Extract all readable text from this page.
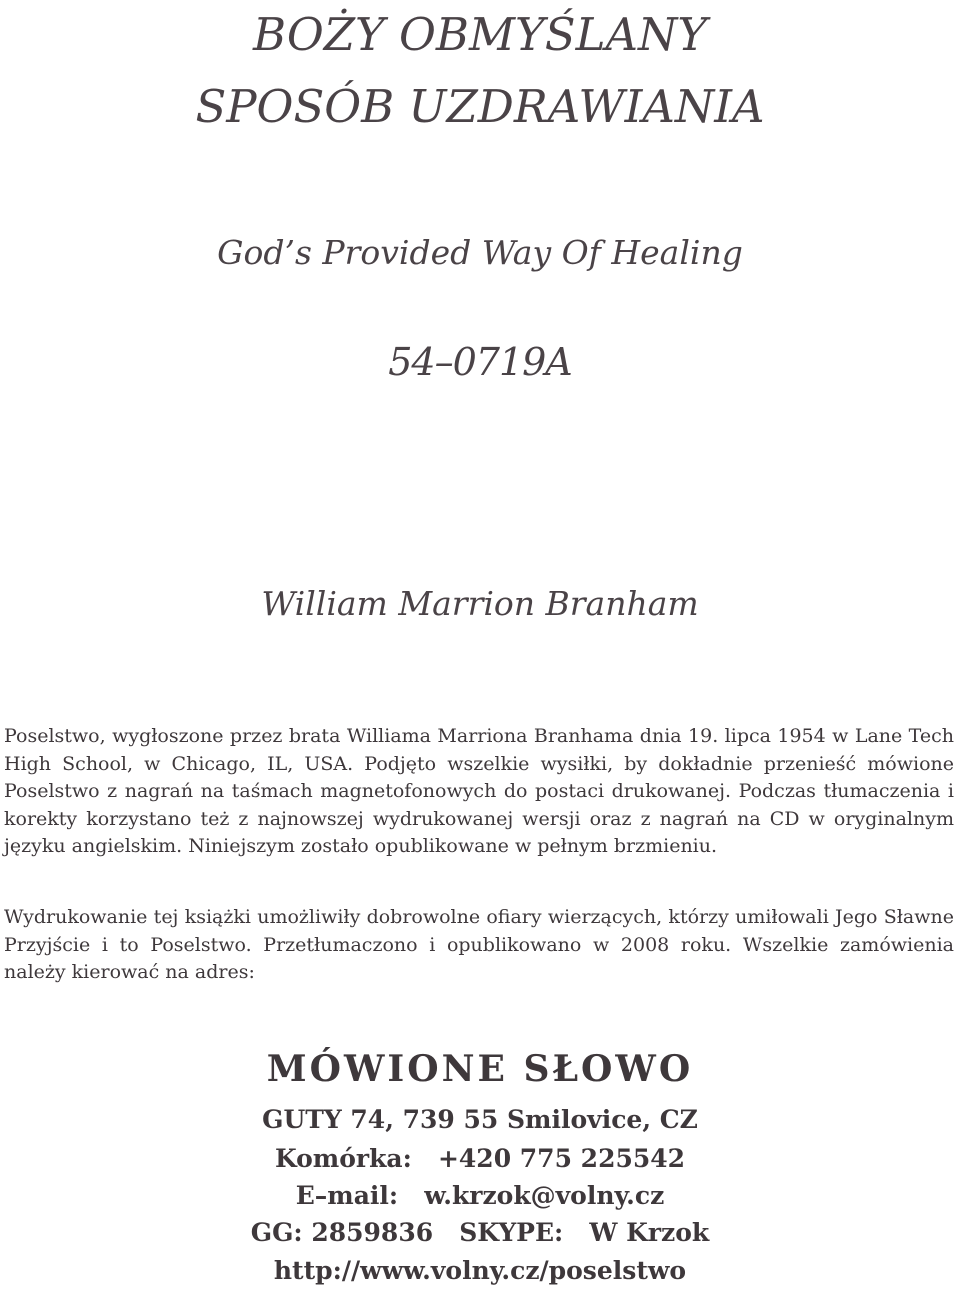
BOŻY OBMYŚLANY
SPOSÓB UZDRAWIANIA
God’s Provided Way Of Healing
54–0719A
William Marrion Branham

Poselstwo, wygłoszone przez brata Williama Marriona Branhama dnia 19. lipca 1954 w Lane Tech High School, w Chicago, IL, USA. Podjęto wszelkie wysiłki, by dokładnie przenieść mówione Poselstwo z nagrań na taśmach magnetofonowych do postaci drukowanej. Podczas tłumaczenia i korekty korzystano też z najnowszej wydrukowanej wersji oraz z nagrań na CD w oryginalnym języku angielskim. Niniejszym zostało opublikowane w pełnym brzmieniu.

Wydrukowanie tej książki umożliwiły dobrowolne ofiary wierzących, którzy umiłowali Jego Sławne Przyjście i to Poselstwo. Przetłumaczono i opublikowano w 2008 roku. Wszelkie zamówienia należy kierować na adres:

MÓWIONE SŁOWO
GUTY 74, 739 55 Smilovice, CZ
Komórka:   +420 775 225542
E–mail:   w.krzok@volny.cz
GG: 2859836   SKYPE:   W Krzok
http://www.volny.cz/poselstwo
